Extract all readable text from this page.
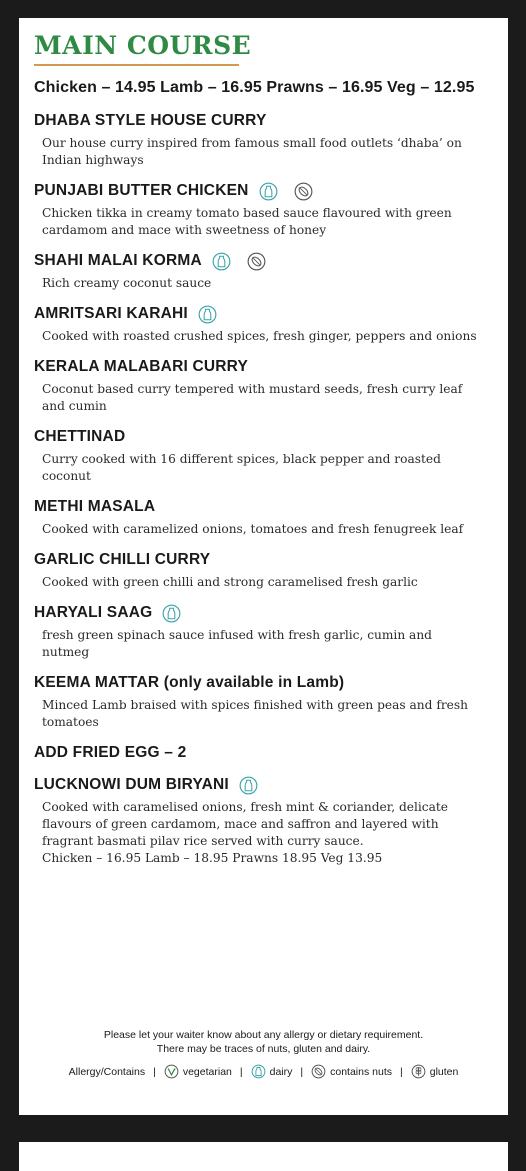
MAIN COURSE
Chicken – 14.95 Lamb – 16.95 Prawns – 16.95 Veg – 12.95
DHABA STYLE HOUSE CURRY
Our house curry inspired from famous small food outlets ‘dhaba’ on Indian highways
PUNJABI BUTTER CHICKEN
Chicken tikka in creamy tomato based sauce flavoured with green cardamom and mace with sweetness of honey
SHAHI MALAI KORMA
Rich creamy coconut sauce
AMRITSARI KARAHI
Cooked with roasted crushed spices, fresh ginger, peppers and onions
KERALA MALABARI CURRY
Coconut based curry tempered with mustard seeds, fresh curry leaf and cumin
CHETTINAD
Curry cooked with 16 different spices, black pepper and roasted coconut
METHI MASALA
Cooked with caramelized onions, tomatoes and fresh fenugreek leaf
GARLIC CHILLI CURRY
Cooked with green chilli and strong caramelised fresh garlic
HARYALI SAAG
fresh green spinach sauce infused with fresh garlic, cumin and nutmeg
KEEMA MATTAR (only available in Lamb)
Minced Lamb braised with spices finished with green peas and fresh tomatoes
ADD FRIED EGG – 2
LUCKNOWI DUM BIRYANI
Cooked with caramelised onions, fresh mint & coriander, delicate flavours of green cardamom, mace and saffron and layered with fragrant basmati pilav rice served with curry sauce.
Chicken – 16.95 Lamb – 18.95 Prawns 18.95 Veg 13.95
Please let your waiter know about any allergy or dietary requirement.
There may be traces of nuts, gluten and dairy.
Allergy/Contains |	vegetarian |	dairy |	contains nuts |	gluten
